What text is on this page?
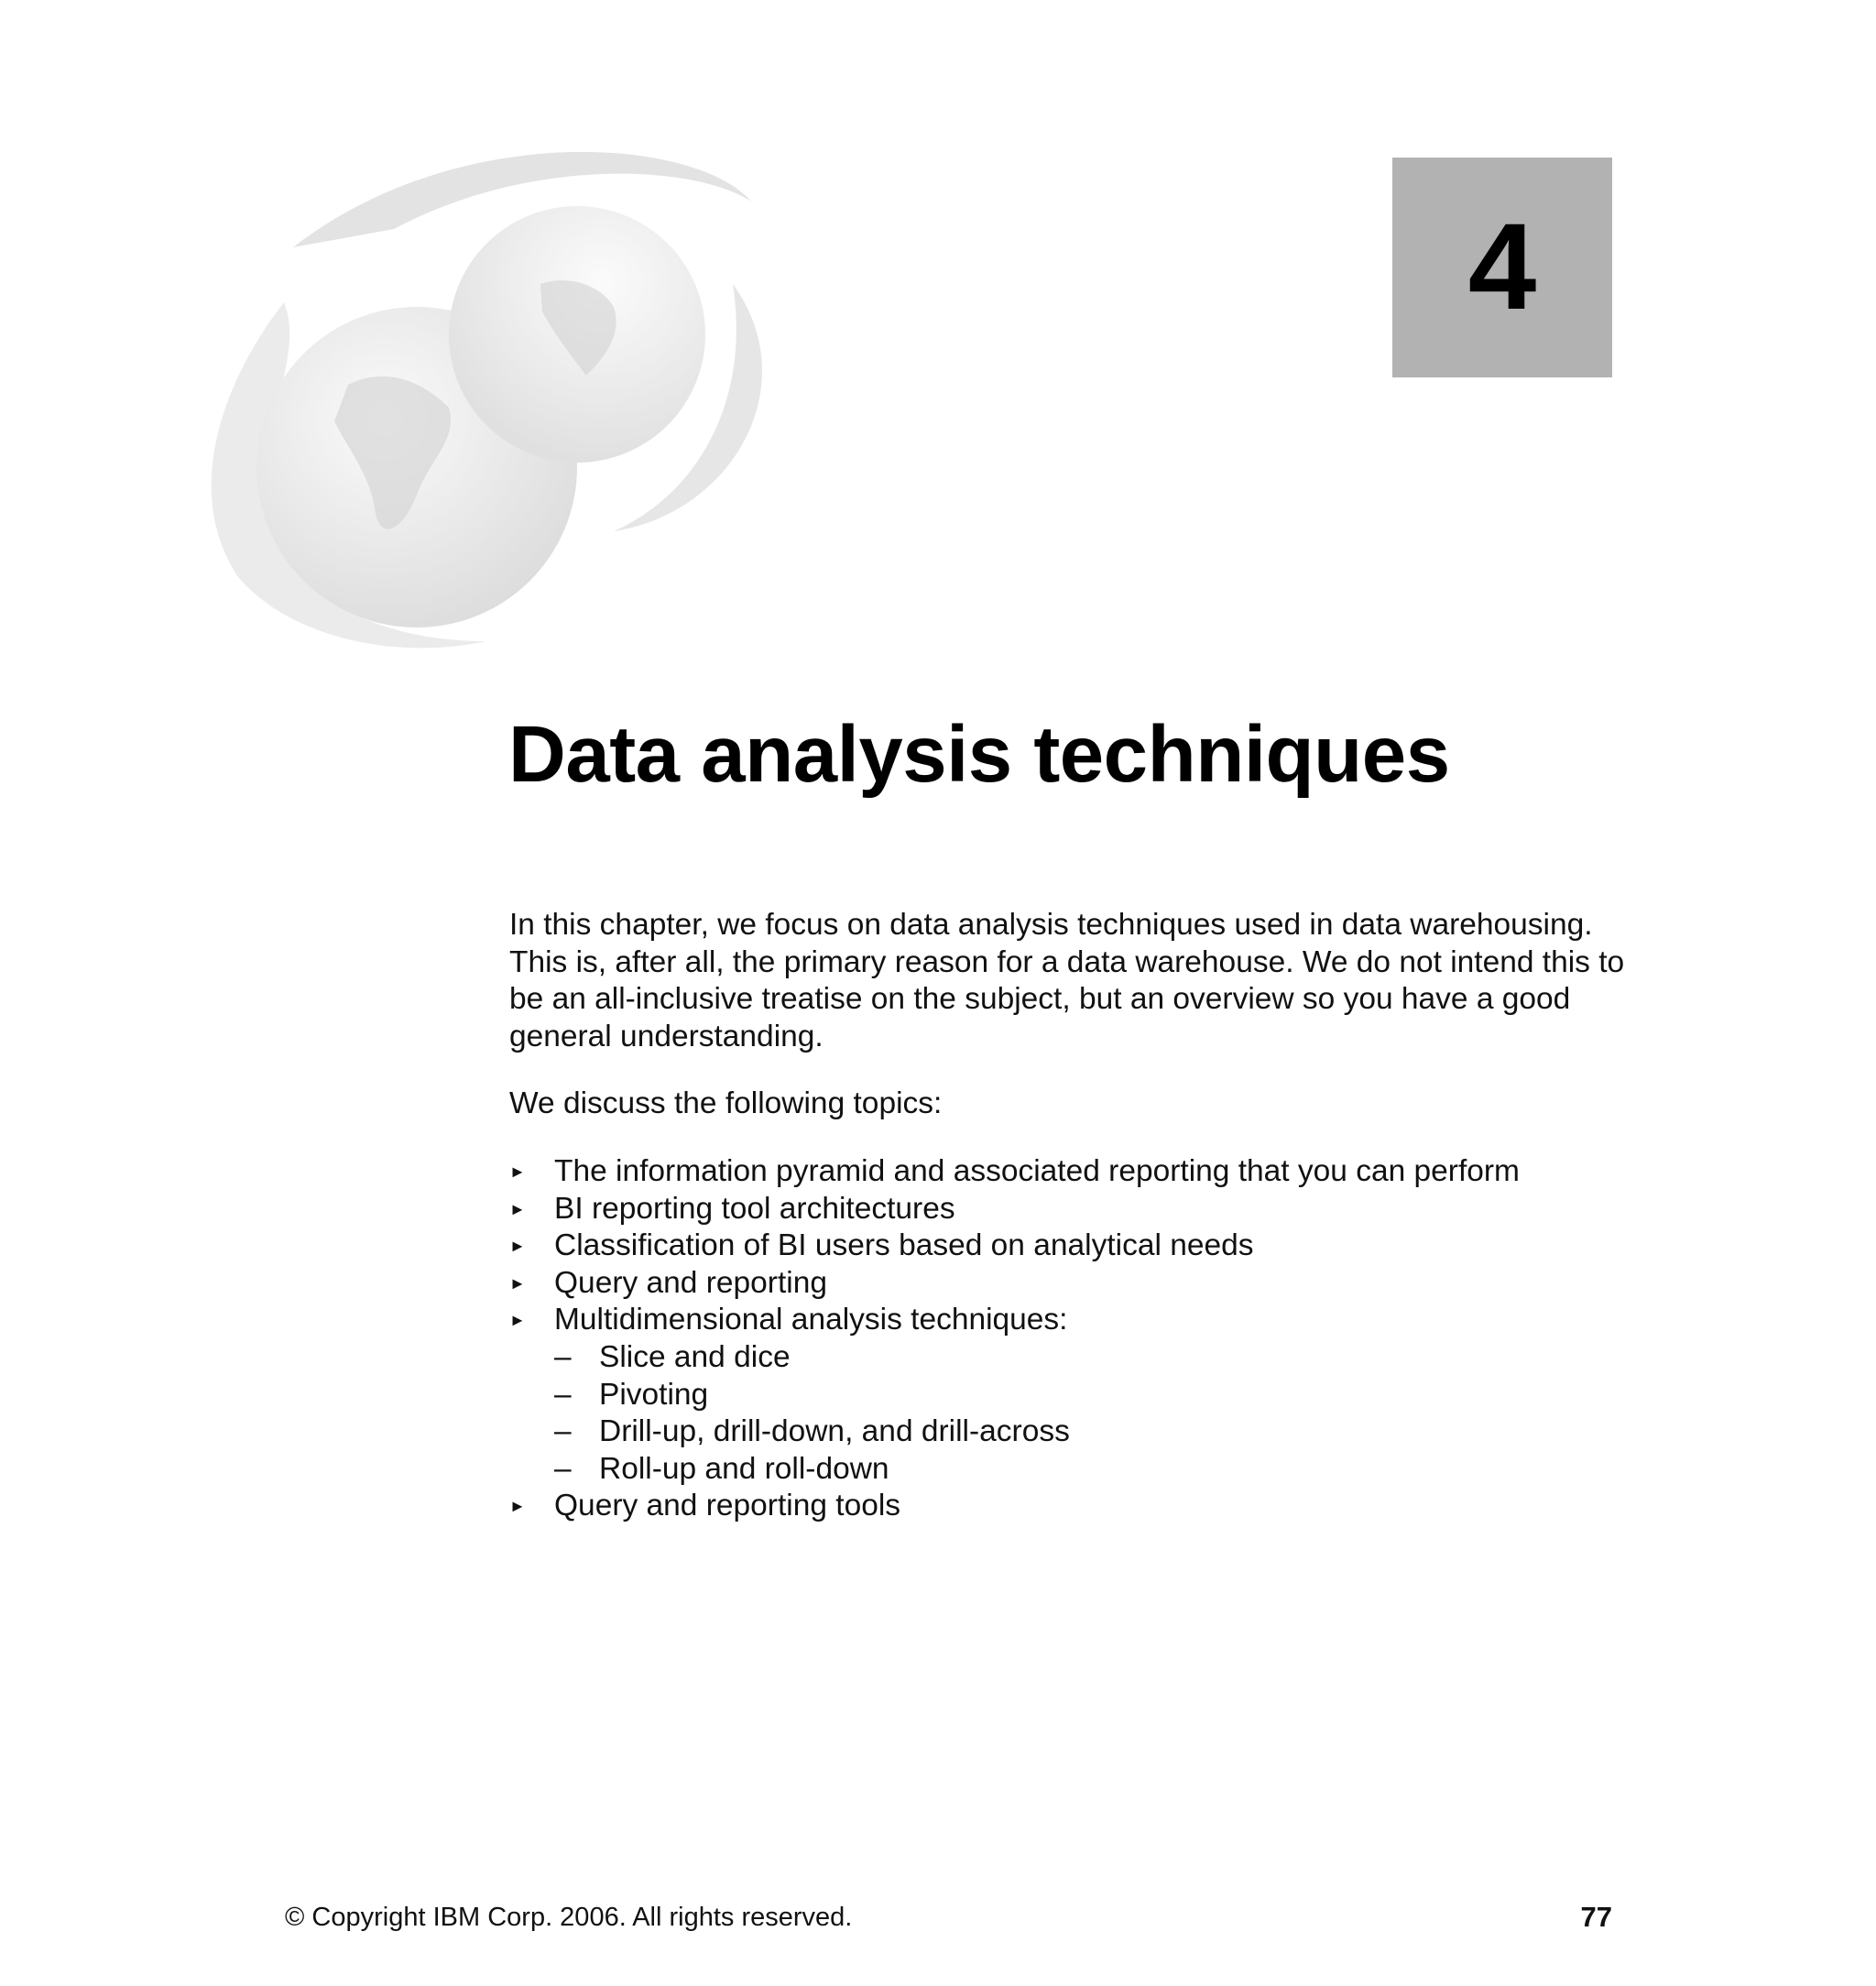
4
Data analysis techniques

In this chapter, we focus on data analysis techniques used in data warehousing. This is, after all, the primary reason for a data warehouse. We do not intend this to be an all-inclusive treatise on the subject, but an overview so you have a good general understanding.

We discuss the following topics:

► The information pyramid and associated reporting that you can perform
► BI reporting tool architectures
► Classification of BI users based on analytical needs
► Query and reporting
► Multidimensional analysis techniques:
– Slice and dice
– Pivoting
– Drill-up, drill-down, and drill-across
– Roll-up and roll-down
► Query and reporting tools
© Copyright IBM Corp. 2006. All rights reserved.	77
